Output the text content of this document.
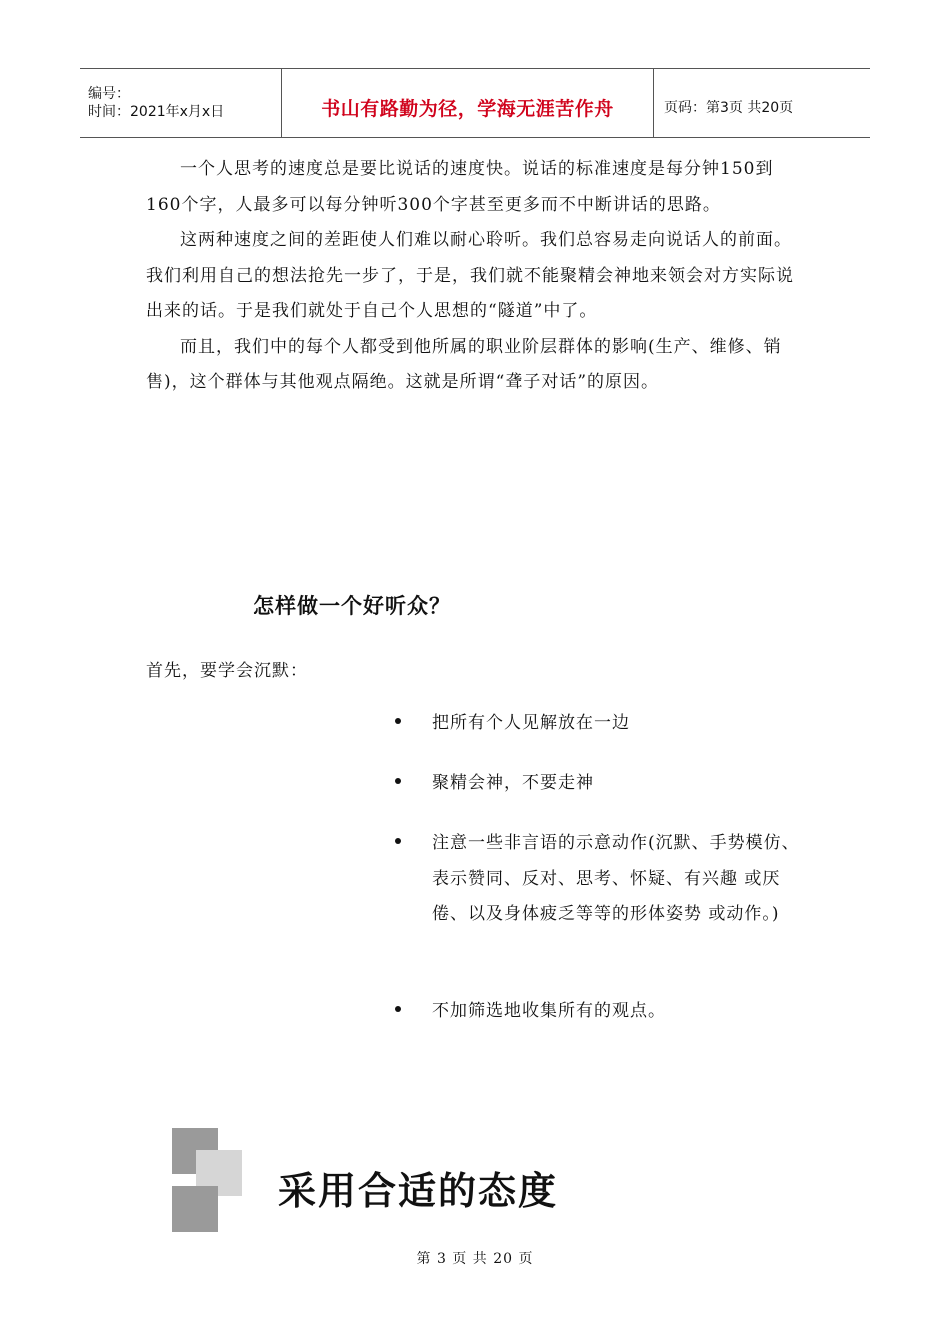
编号：
时间：2021年x月x日	书山有路勤为径，学海无涯苦作舟	页码：第3页 共20页

一个人思考的速度总是要比说话的速度快。说话的标准速度是每分钟150到160个字，人最多可以每分钟听300个字甚至更多而不中断讲话的思路。

这两种速度之间的差距使人们难以耐心聆听。我们总容易走向说话人的前面。我们利用自己的想法抢先一步了，于是，我们就不能聚精会神地来领会对方实际说出来的话。于是我们就处于自己个人思想的“隧道”中了。

而且，我们中的每个人都受到他所属的职业阶层群体的影响(生产、维修、销售)，这个群体与其他观点隔绝。这就是所谓“聋子对话”的原因。

怎样做一个好听众？
首先，要学会沉默：
把所有个人见解放在一边
聚精会神，不要走神
注意一些非言语的示意动作(沉默、手势模仿、表示赞同、反对、思考、怀疑、有兴趣 或厌倦、以及身体疲乏等等的形体姿势 或动作。)
不加筛选地收集所有的观点。
采用合适的态度
第 3 页 共 20 页
